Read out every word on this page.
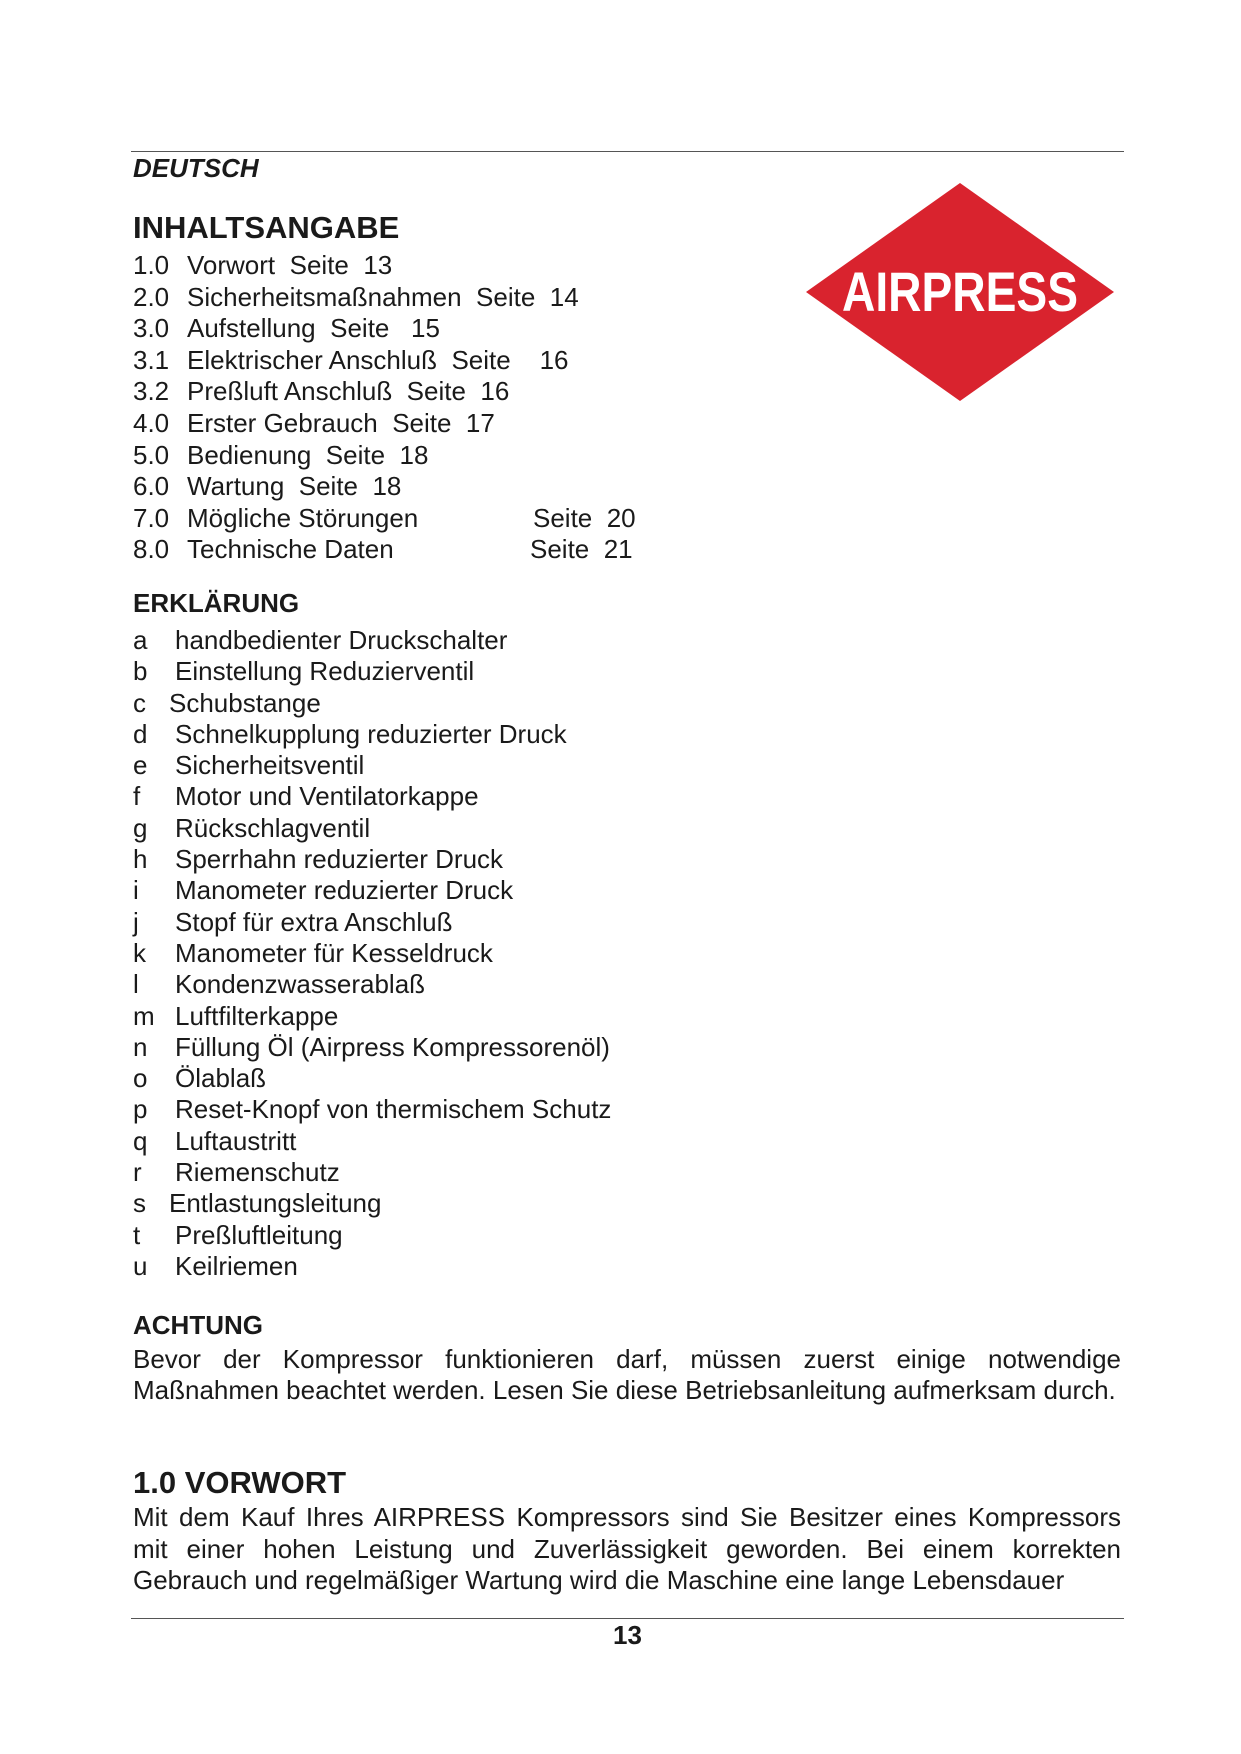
DEUTSCH
AIRPRESS
INHALTSANGABE
1.0 Vorwort Seite  13
2.0 Sicherheitsmaßnahmen Seite  14
3.0 Aufstellung Seite   15
3.1 Elektrischer Anschluß Seite    16
3.2 Preßluft Anschluß Seite  16
4.0 Erster Gebrauch Seite  17
5.0 Bedienung Seite  18
6.0 Wartung Seite  18
7.0 Mögliche Störungen	Seite  20
8.0 Technische Daten	Seite  21
ERKLÄRUNG
a handbedienter Druckschalter
b Einstellung Reduzierventil
c Schubstange
d Schnelkupplung reduzierter Druck
e Sicherheitsventil
f Motor und Ventilatorkappe
g Rückschlagventil
h Sperrhahn reduzierter Druck
i Manometer reduzierter Druck
j Stopf für extra Anschluß
k Manometer für Kesseldruck
l Kondenzwasserablaß
m Luftfilterkappe
n Füllung Öl (Airpress Kompressorenöl)
o Ölablaß
p Reset-Knopf von thermischem Schutz
q Luftaustritt
r Riemenschutz
s Entlastungsleitung
t Preßluftleitung
u Keilriemen
ACHTUNG
Bevor der Kompressor funktionieren darf, müssen zuerst einige notwendige Maßnahmen beachtet werden. Lesen Sie diese Betriebsanleitung aufmerksam durch.
1.0 VORWORT
Mit dem Kauf Ihres AIRPRESS Kompressors sind Sie Besitzer eines Kompressors mit einer hohen Leistung und Zuverlässigkeit geworden. Bei einem korrekten Gebrauch und regelmäßiger Wartung wird die Maschine eine lange Lebensdauer
13
